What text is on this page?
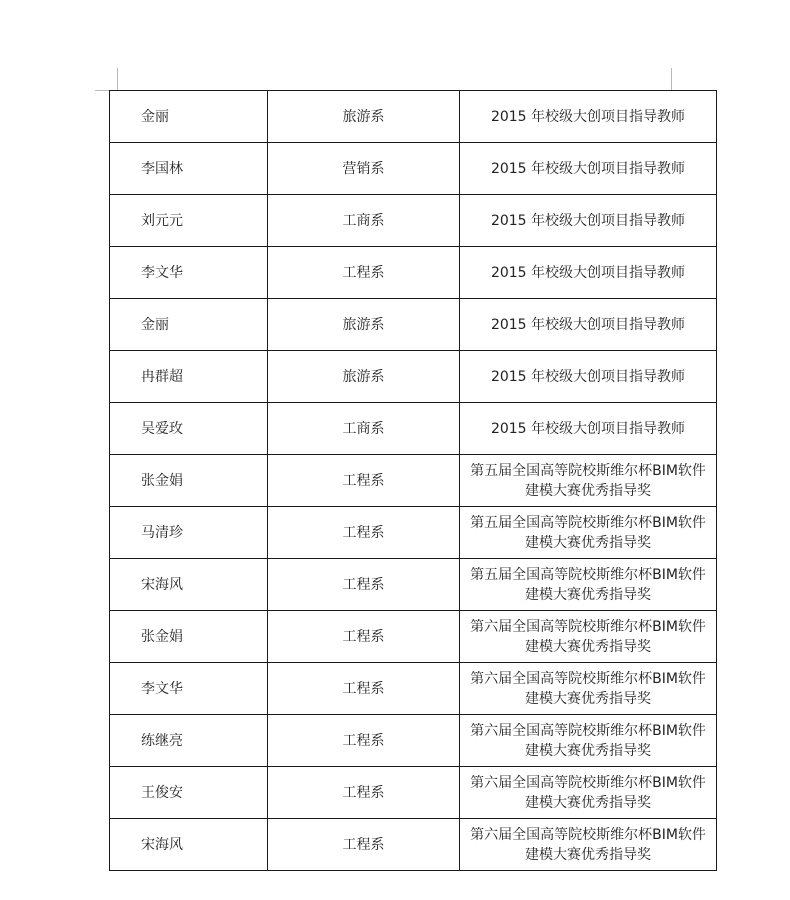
金丽	旅游系	2015 年校级大创项目指导教师

李国林	营销系	2015 年校级大创项目指导教师

刘元元	工商系	2015 年校级大创项目指导教师

李文华	工程系	2015 年校级大创项目指导教师

金丽	旅游系	2015 年校级大创项目指导教师

冉群超	旅游系	2015 年校级大创项目指导教师

吴爱玫	工商系	2015 年校级大创项目指导教师

张金娟	工程系	第五届全国高等院校斯维尔杯BIM软件建模大赛优秀指导奖

马清珍	工程系	第五届全国高等院校斯维尔杯BIM软件建模大赛优秀指导奖

宋海风	工程系	第五届全国高等院校斯维尔杯BIM软件建模大赛优秀指导奖

张金娟	工程系	第六届全国高等院校斯维尔杯BIM软件建模大赛优秀指导奖

李文华	工程系	第六届全国高等院校斯维尔杯BIM软件建模大赛优秀指导奖

练继亮	工程系	第六届全国高等院校斯维尔杯BIM软件建模大赛优秀指导奖

王俊安	工程系	第六届全国高等院校斯维尔杯BIM软件建模大赛优秀指导奖

宋海风	工程系	第六届全国高等院校斯维尔杯BIM软件建模大赛优秀指导奖
